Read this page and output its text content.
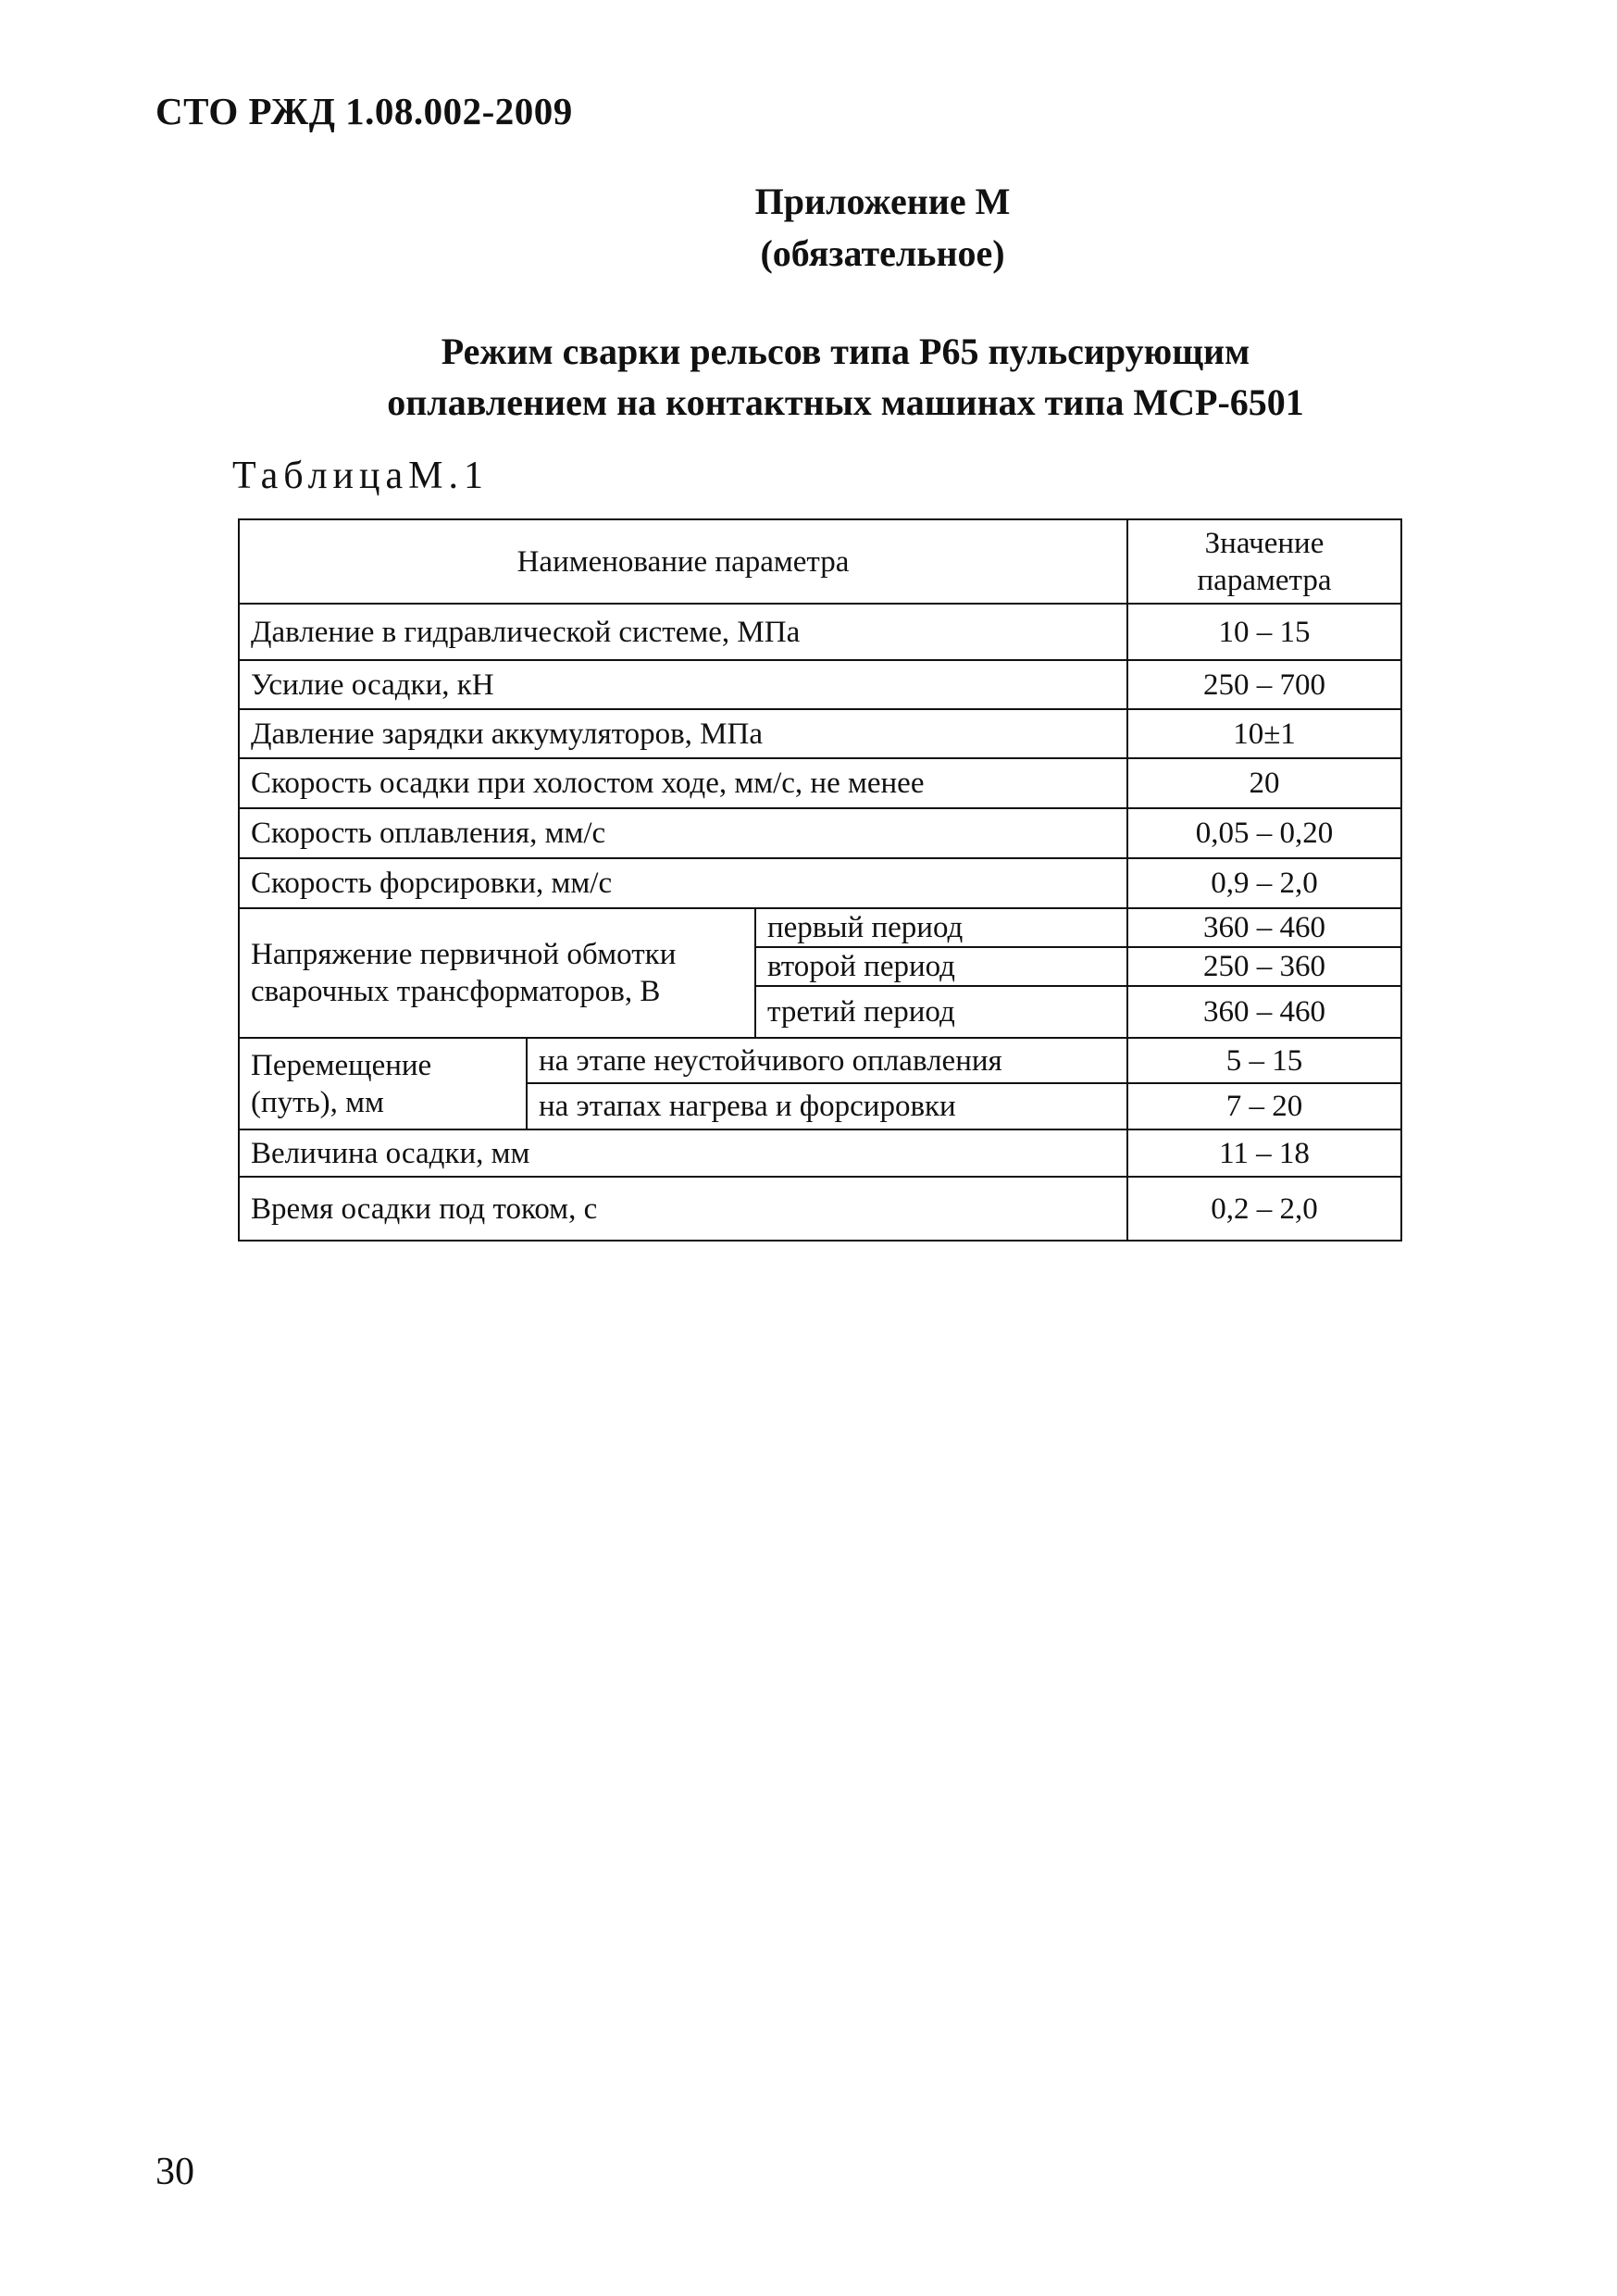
СТО РЖД 1.08.002-2009
Приложение М
(обязательное)
Режим сварки рельсов типа Р65 пульсирующим
оплавлением на контактных машинах типа МСР-6501
ТаблицаМ.1
Наименование параметра			Значение параметра
Давление в гидравлической системе, МПа			10 – 15
Усилие осадки, кН			250 – 700
Давление зарядки аккумуляторов, МПа			10±1
Скорость осадки при холостом ходе, мм/с, не менее			20
Скорость оплавления, мм/с			0,05 – 0,20
Скорость форсировки, мм/с			0,9 – 2,0
Напряжение первичной обмотки сварочных трансформаторов, В		первый период	360 – 460
		второй период	250 – 360
		третий период	360 – 460
Перемещение (путь), мм	на этапе неустойчивого оплавления		5 – 15
	на этапах нагрева и форсировки		7 – 20
Величина осадки, мм			11 – 18
Время осадки под током, с			0,2 – 2,0
30
